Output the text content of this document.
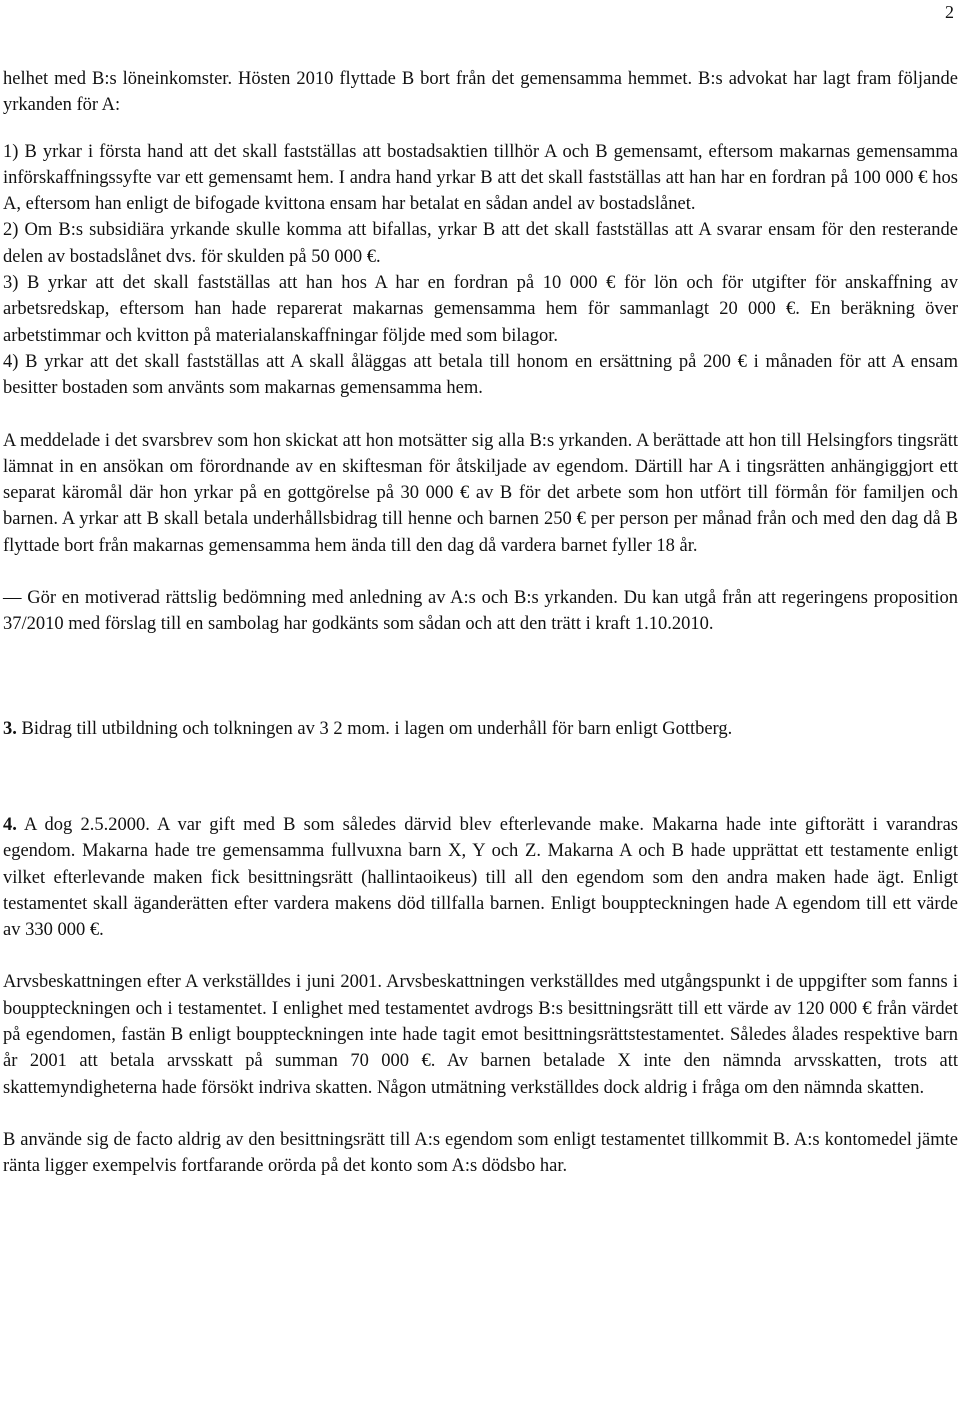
2

helhet med B:s löneinkomster. Hösten 2010 flyttade B bort från det gemensamma hemmet. B:s advokat har lagt fram följande yrkanden för A:

1) B yrkar i första hand att det skall fastställas att bostadsaktien tillhör A och B gemensamt, eftersom makarnas gemensamma införskaffningssyfte var ett gemensamt hem. I andra hand yrkar B att det skall fastställas att han har en fordran på 100 000 € hos A, eftersom han enligt de bifogade kvittona ensam har betalat en sådan andel av bostadslånet.

2) Om B:s subsidiära yrkande skulle komma att bifallas, yrkar B att det skall fastställas att A svarar ensam för den resterande delen av bostadslånet dvs. för skulden på 50 000 €.

3) B yrkar att det skall fastställas att han hos A har en fordran på 10 000 € för lön och för utgifter för anskaffning av arbetsredskap, eftersom han hade reparerat makarnas gemensamma hem för sammanlagt 20 000 €. En beräkning över arbetstimmar och kvitton på materialanskaffningar följde med som bilagor.

4) B yrkar att det skall fastställas att A skall åläggas att betala till honom en ersättning på 200 € i månaden för att A ensam besitter bostaden som använts som makarnas gemensamma hem.

A meddelade i det svarsbrev som hon skickat att hon motsätter sig alla B:s yrkanden. A berättade att hon till Helsingfors tingsrätt lämnat in en ansökan om förordnande av en skiftesman för åtskiljade av egendom. Därtill har A i tingsrätten anhängiggjort ett separat käromål där hon yrkar på en gottgörelse på 30 000 € av B för det arbete som hon utfört till förmån för familjen och barnen. A yrkar att B skall betala underhållsbidrag till henne och barnen 250 € per person per månad från och med den dag då B flyttade bort från makarnas gemensamma hem ända till den dag då vardera barnet fyller 18 år.

— Gör en motiverad rättslig bedömning med anledning av A:s och B:s yrkanden. Du kan utgå från att regeringens proposition 37/2010 med förslag till en sambolag har godkänts som sådan och att den trätt i kraft 1.10.2010.

3. Bidrag till utbildning och tolkningen av 3 2 mom. i lagen om underhåll för barn enligt Gottberg.

4. A dog 2.5.2000. A var gift med B som således därvid blev efterlevande make. Makarna hade inte giftorätt i varandras egendom. Makarna hade tre gemensamma fullvuxna barn X, Y och Z. Makarna A och B hade upprättat ett testamente enligt vilket efterlevande maken fick besittningsrätt (hallintaoikeus) till all den egendom som den andra maken hade ägt. Enligt testamentet skall äganderätten efter vardera makens död tillfalla barnen. Enligt bouppteckningen hade A egendom till ett värde av 330 000 €.

Arvsbeskattningen efter A verkställdes i juni 2001. Arvsbeskattningen verkställdes med utgångspunkt i de uppgifter som fanns i bouppteckningen och i testamentet. I enlighet med testamentet avdrogs B:s besittningsrätt till ett värde av 120 000 € från värdet på egendomen, fastän B enligt bouppteckningen inte hade tagit emot besittningsrättstestamentet. Således ålades respektive barn år 2001 att betala arvsskatt på summan 70 000 €. Av barnen betalade X inte den nämnda arvsskatten, trots att skattemyndigheterna hade försökt indriva skatten. Någon utmätning verkställdes dock aldrig i fråga om den nämnda skatten.

B använde sig de facto aldrig av den besittningsrätt till A:s egendom som enligt testamentet tillkommit B. A:s kontomedel jämte ränta ligger exempelvis fortfarande orörda på det konto som A:s dödsbo har.
